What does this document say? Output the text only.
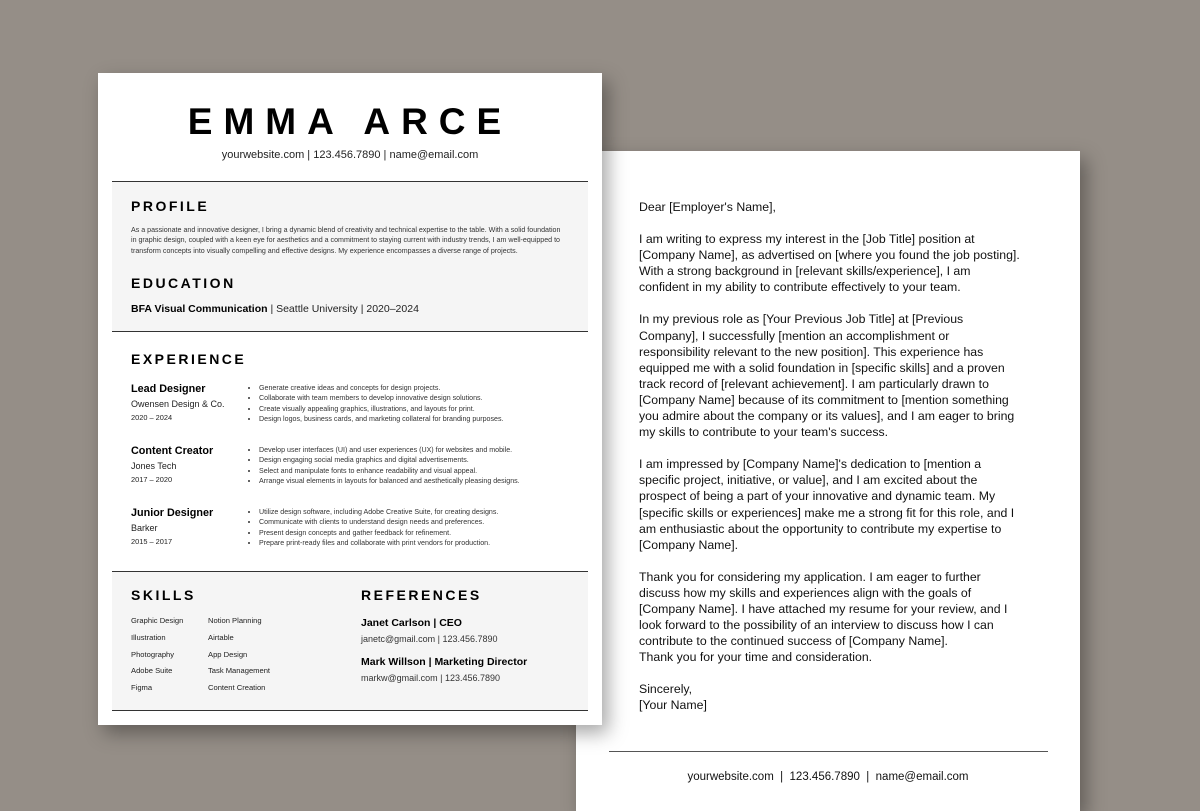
Dear [Employer's Name],

I am writing to express my interest in the [Job Title] position at [Company Name], as advertised on [where you found the job posting]. With a strong background in [relevant skills/experience], I am confident in my ability to contribute effectively to your team.

In my previous role as [Your Previous Job Title] at [Previous Company], I successfully [mention an accomplishment or responsibility relevant to the new position]. This experience has equipped me with a solid foundation in [specific skills] and a proven track record of [relevant achievement]. I am particularly drawn to [Company Name] because of its commitment to [mention something you admire about the company or its values], and I am eager to bring my skills to contribute to your team's success.

I am impressed by [Company Name]'s dedication to [mention a specific project, initiative, or value], and I am excited about the prospect of being a part of your innovative and dynamic team. My [specific skills or experiences] make me a strong fit for this role, and I am enthusiastic about the opportunity to contribute my expertise to [Company Name].

Thank you for considering my application. I am eager to further discuss how my skills and experiences align with the goals of [Company Name]. I have attached my resume for your review, and I look forward to the possibility of an interview to discuss how I can contribute to the continued success of [Company Name].
Thank you for your time and consideration.

Sincerely,
[Your Name]

yourwebsite.com  |  123.456.7890  |  name@email.com
EMMA ARCE
yourwebsite.com | 123.456.7890 | name@email.com
PROFILE
As a passionate and innovative designer, I bring a dynamic blend of creativity and technical expertise to the table. With a solid foundation in graphic design, coupled with a keen eye for aesthetics and a commitment to staying current with industry trends, I am well-equipped to transform concepts into visually compelling and effective designs. My experience encompasses a diverse range of projects.
EDUCATION
BFA Visual Communication | Seattle University | 2020–2024
EXPERIENCE
Lead Designer
Owensen Design & Co.
2020 – 2024
• Generate creative ideas and concepts for design projects.
• Collaborate with team members to develop innovative design solutions.
• Create visually appealing graphics, illustrations, and layouts for print.
• Design logos, business cards, and marketing collateral for branding purposes.
Content Creator
Jones Tech
2017 – 2020
• Develop user interfaces (UI) and user experiences (UX) for websites and mobile.
• Design engaging social media graphics and digital advertisements.
• Select and manipulate fonts to enhance readability and visual appeal.
• Arrange visual elements in layouts for balanced and aesthetically pleasing designs.
Junior Designer
Barker
2015 – 2017
• Utilize design software, including Adobe Creative Suite, for creating designs.
• Communicate with clients to understand design needs and preferences.
• Present design concepts and gather feedback for refinement.
• Prepare print-ready files and collaborate with print vendors for production.
SKILLS
Graphic Design
Illustration
Photography
Adobe Suite
Figma
Notion Planning
Airtable
App Design
Task Management
Content Creation
REFERENCES
Janet Carlson | CEO
janetc@gmail.com | 123.456.7890
Mark Willson | Marketing Director
markw@gmail.com | 123.456.7890
